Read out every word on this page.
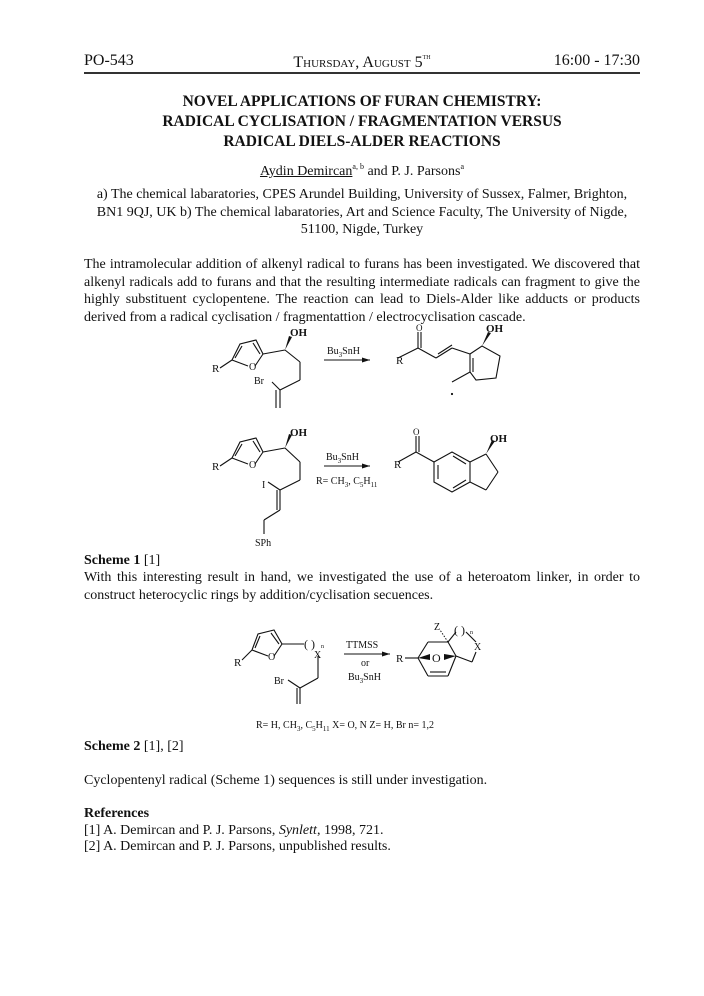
PO-543	Thursday, August 5th	16:00 - 17:30
NOVEL APPLICATIONS OF FURAN CHEMISTRY:
RADICAL CYCLISATION / FRAGMENTATION VERSUS
RADICAL DIELS-ALDER REACTIONS
Aydin Demircan$^{a, b}$ and P. J. Parsons$^a$
a) The chemical labaratories, CPES Arundel Building, University of Sussex, Falmer, Brighton,
BN1 9QJ, UK b) The chemical labaratories, Art and Science Faculty, The University of Nigde,
51100, Nigde, Turkey
The intramolecular addition of alkenyl radical to furans has been investigated. We discovered that alkenyl radicals add to furans and that the resulting intermediate radicals can fragment to give the highly substituent cyclopentene. The reaction can lead to Diels-Alder like adducts or products derived from a radical cyclisation / fragmentattion / electrocyclisation cascade.
OH
R	O
Br
$Bu_3SnH$
OH
R
O
OH
R	O
I
SPh
$Bu_3SnH$
$R= CH_3$, $C_5H_{11}$
OH
R
O
Scheme 1 [1]
With this interesting result in hand, we investigated the use of a heteroatom linker, in order to construct heterocyclic rings by addition/cyclisation secuences.
( ) n
X
R	O
Br
TTMSS
or
$Bu_3SnH$
R O
Z ( ) n
X
R= H, $CH_3$, $C_5H_{11}$ X= O, N Z= H, Br n= 1,2
Scheme 2 [1], [2]
Cyclopentenyl radical (Scheme 1) sequences is still under investigation.
References
[1] A. Demircan and P. J. Parsons, Synlett, 1998, 721.
[2] A. Demircan and P. J. Parsons, unpublished results.
